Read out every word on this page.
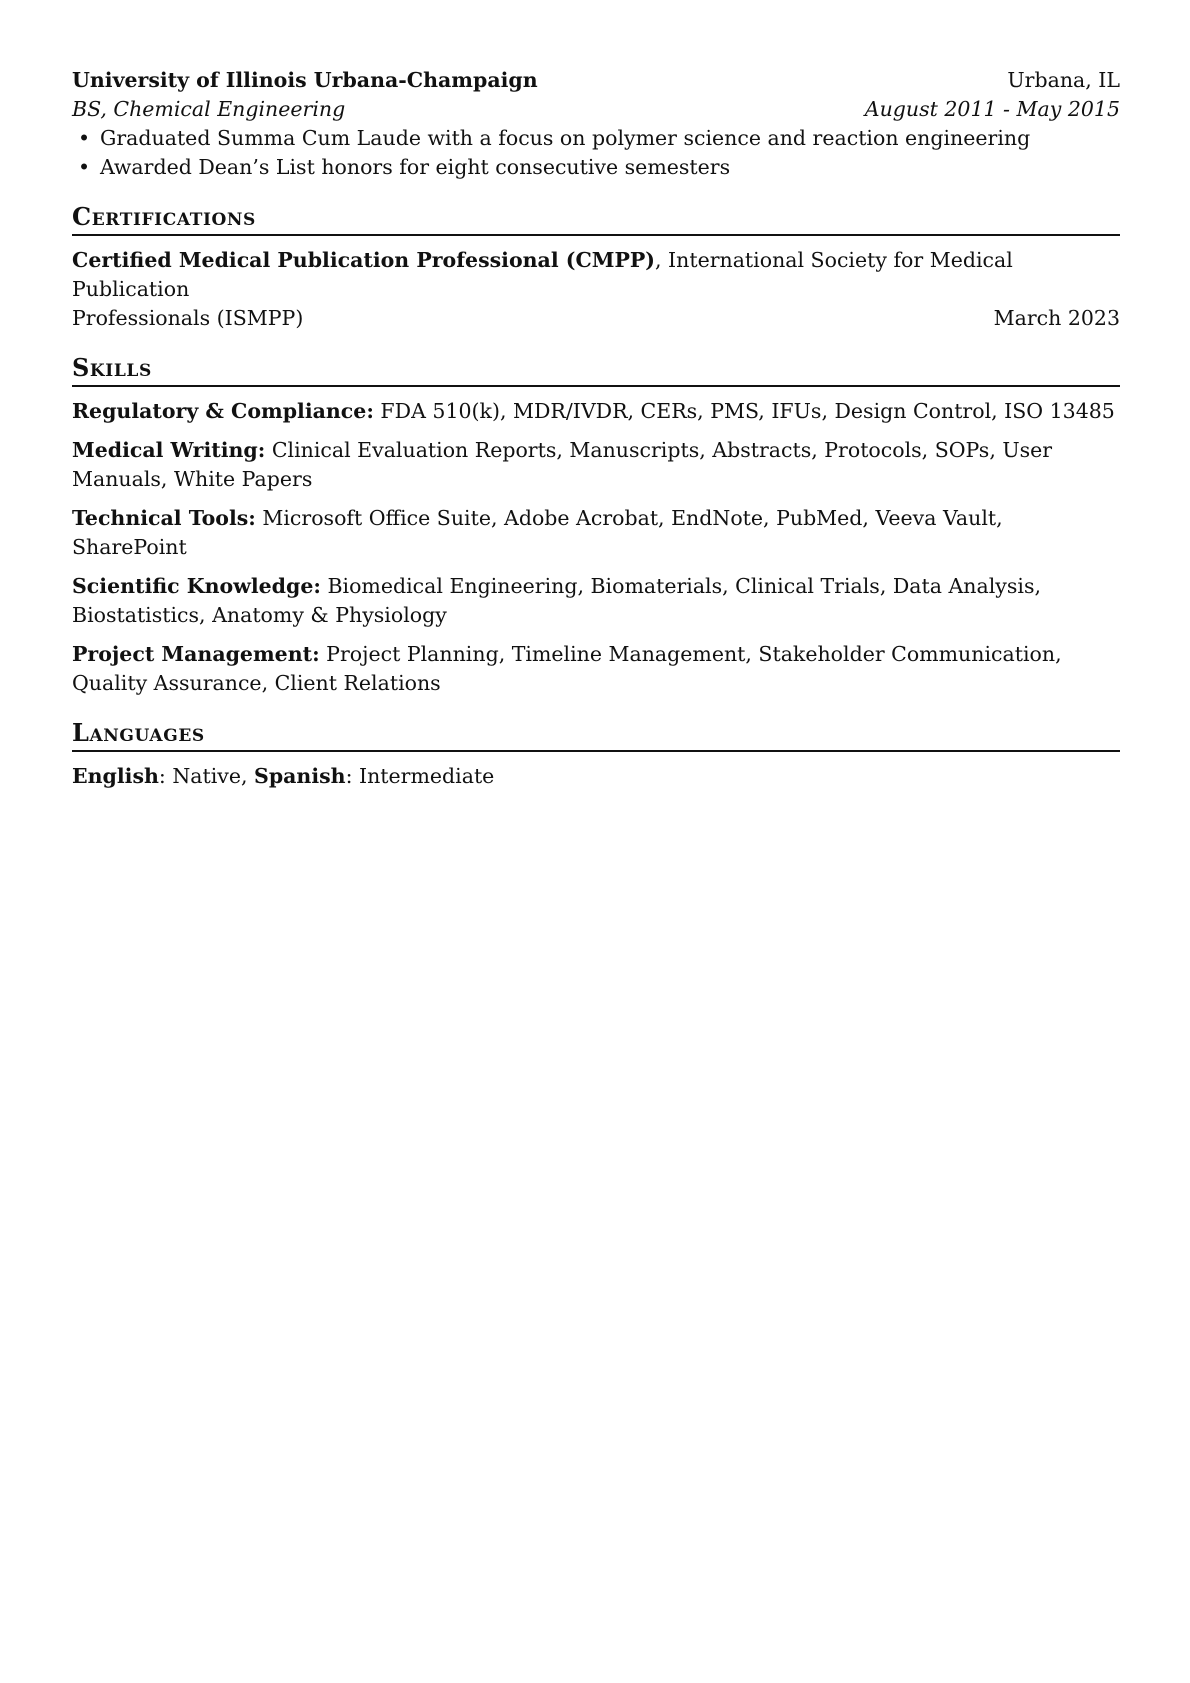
University of Illinois Urbana-Champaign	Urbana, IL
BS, Chemical Engineering	August 2011 - May 2015
• Graduated Summa Cum Laude with a focus on polymer science and reaction engineering
• Awarded Dean’s List honors for eight consecutive semesters
Certifications
Certified Medical Publication Professional (CMPP), International Society for Medical Publication
Professionals (ISMPP)	March 2023
Skills
Regulatory & Compliance: FDA 510(k), MDR/IVDR, CERs, PMS, IFUs, Design Control, ISO 13485
Medical Writing: Clinical Evaluation Reports, Manuscripts, Abstracts, Protocols, SOPs, User Manuals, White Papers
Technical Tools: Microsoft Office Suite, Adobe Acrobat, EndNote, PubMed, Veeva Vault, SharePoint
Scientific Knowledge: Biomedical Engineering, Biomaterials, Clinical Trials, Data Analysis, Biostatistics, Anatomy & Physiology
Project Management: Project Planning, Timeline Management, Stakeholder Communication, Quality Assurance, Client Relations
Languages
English: Native, Spanish: Intermediate
